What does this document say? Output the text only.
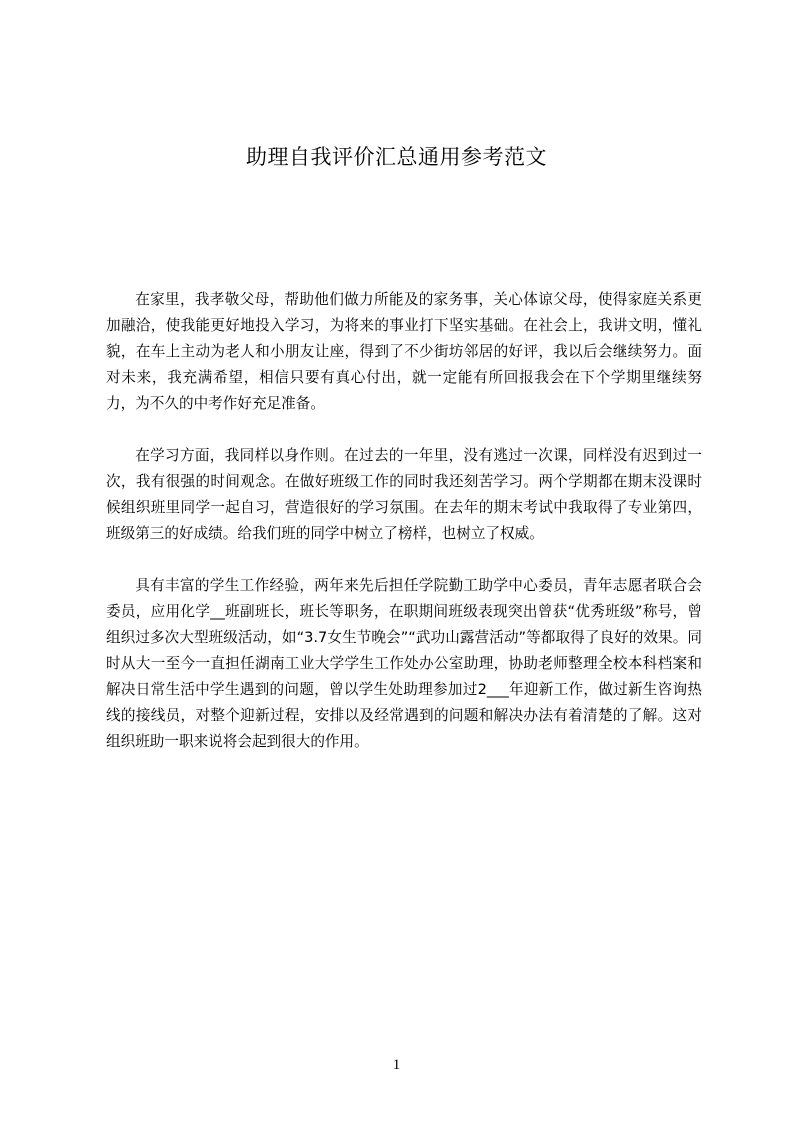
助理自我评价汇总通用参考范文

在家里，我孝敬父母，帮助他们做力所能及的家务事，关心体谅父母，使得家庭关系更加融洽，使我能更好地投入学习，为将来的事业打下坚实基础。在社会上，我讲文明，懂礼貌，在车上主动为老人和小朋友让座，得到了不少街坊邻居的好评，我以后会继续努力。面对未来，我充满希望，相信只要有真心付出，就一定能有所回报我会在下个学期里继续努力，为不久的中考作好充足准备。

在学习方面，我同样以身作则。在过去的一年里，没有逃过一次课，同样没有迟到过一次，我有很强的时间观念。在做好班级工作的同时我还刻苦学习。两个学期都在期末没课时候组织班里同学一起自习，营造很好的学习氛围。在去年的期末考试中我取得了专业第四，班级第三的好成绩。给我们班的同学中树立了榜样，也树立了权威。

具有丰富的学生工作经验，两年来先后担任学院勤工助学中心委员，青年志愿者联合会委员，应用化学__班副班长，班长等职务，在职期间班级表现突出曾获“优秀班级”称号，曾组织过多次大型班级活动，如“3.7女生节晚会”“武功山露营活动”等都取得了良好的效果。同时从大一至今一直担任湖南工业大学学生工作处办公室助理，协助老师整理全校本科档案和解决日常生活中学生遇到的问题，曾以学生处助理参加过2___年迎新工作，做过新生咨询热线的接线员，对整个迎新过程，安排以及经常遇到的问题和解决办法有着清楚的了解。这对组织班助一职来说将会起到很大的作用。

1
